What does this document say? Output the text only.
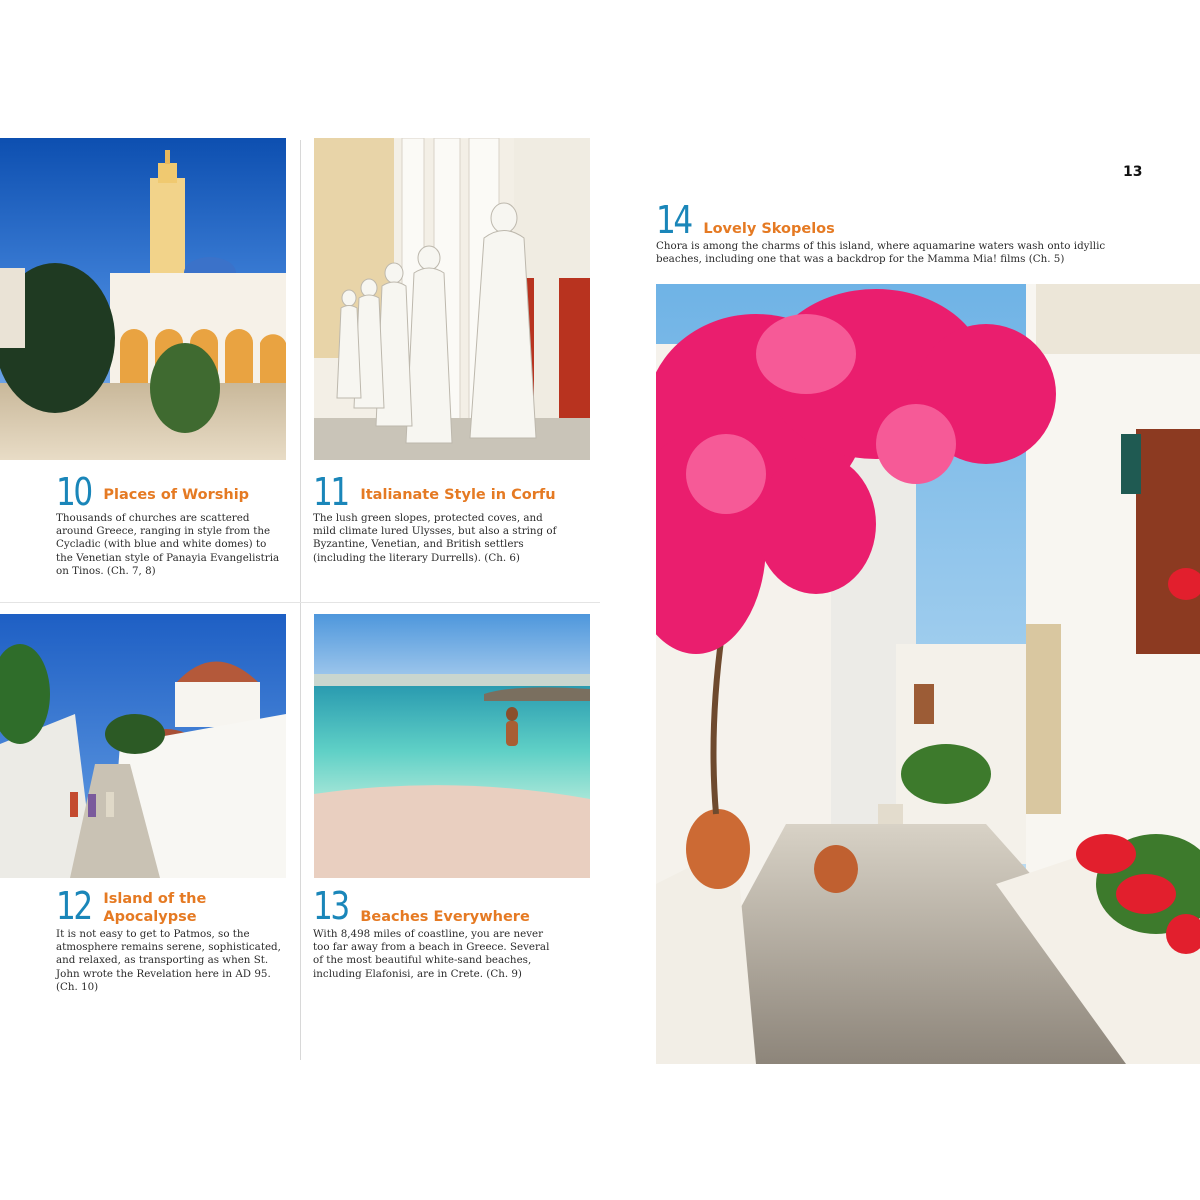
13
10 Places of Worship
Thousands of churches are scattered around Greece, ranging in style from the Cycladic (with blue and white domes) to the Venetian style of Panayia Evangelistria on Tinos. (Ch. 7, 8)
11 Italianate Style in Corfu
The lush green slopes, protected coves, and mild climate lured Ulysses, but also a string of Byzantine, Venetian, and British settlers (including the literary Durrells). (Ch. 6)
12 Island of the
Apocalypse
It is not easy to get to Patmos, so the atmosphere remains serene, sophisticated, and relaxed, as transporting as when St. John wrote the Revelation here in AD 95. (Ch. 10)
13 Beaches Everywhere
With 8,498 miles of coastline, you are never too far away from a beach in Greece. Several of the most beautiful white-sand beaches, including Elafonisi, are in Crete. (Ch. 9)
14 Lovely Skopelos
Chora is among the charms of this island, where aquamarine waters wash onto idyllic beaches, including one that was a backdrop for the Mamma Mia! films (Ch. 5)
